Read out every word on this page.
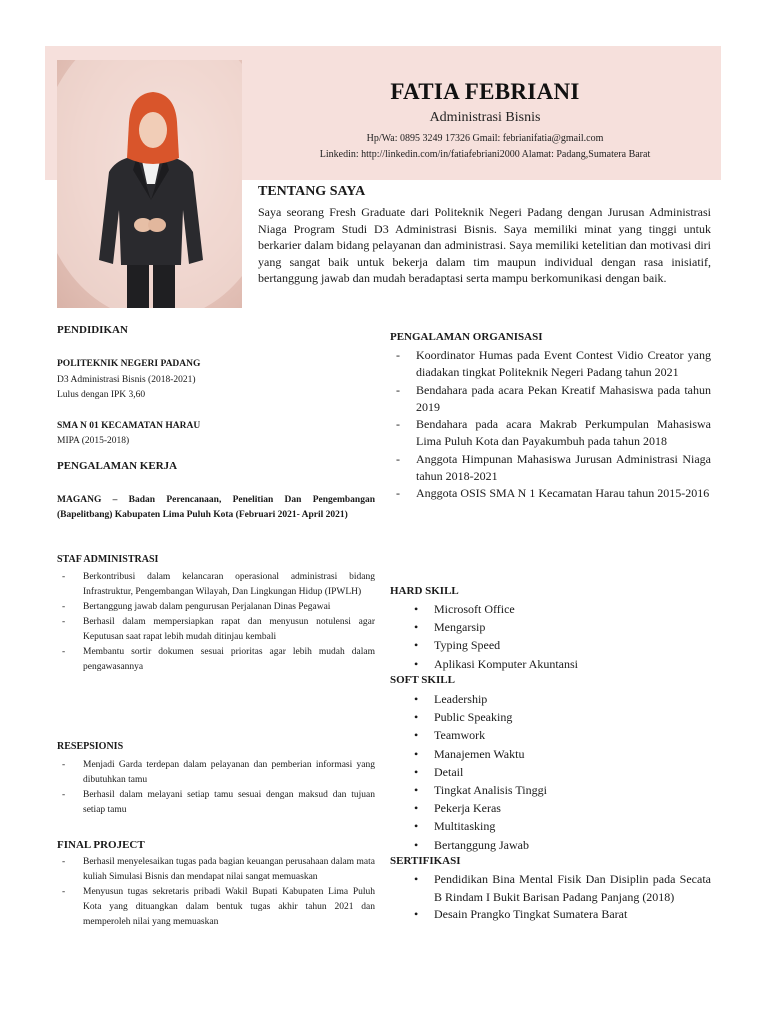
FATIA FEBRIANI
Administrasi Bisnis
Hp/Wa: 0895 3249 17326 Gmail: febrianifatia@gmail.com
Linkedin: http://linkedin.com/in/fatiafebriani2000 Alamat: Padang,Sumatera Barat
TENTANG SAYA
Saya seorang Fresh Graduate dari Politeknik Negeri Padang dengan Jurusan Administrasi Niaga Program Studi D3 Administrasi Bisnis. Saya memiliki minat yang tinggi untuk berkarier dalam bidang pelayanan dan administrasi. Saya memiliki ketelitian dan motivasi diri yang sangat baik untuk bekerja dalam tim maupun individual dengan rasa inisiatif, bertanggung jawab dan mudah beradaptasi serta mampu berkomunikasi dengan baik.
PENDIDIKAN
POLITEKNIK NEGERI PADANG
D3 Administrasi Bisnis (2018-2021)
Lulus dengan IPK 3,60
SMA N 01 KECAMATAN HARAU
MIPA (2015-2018)
PENGALAMAN KERJA
MAGANG – Badan Perencanaan, Penelitian Dan Pengembangan (Bapelitbang) Kabupaten Lima Puluh Kota (Februari 2021- April 2021)
STAF ADMINISTRASI
- Berkontribusi dalam kelancaran operasional administrasi bidang Infrastruktur, Pengembangan Wilayah, Dan Lingkungan Hidup (IPWLH)
- Bertanggung jawab dalam pengurusan Perjalanan Dinas Pegawai
- Berhasil dalam mempersiapkan rapat dan menyusun notulensi agar Keputusan saat rapat lebih mudah ditinjau kembali
- Membantu sortir dokumen sesuai prioritas agar lebih mudah dalam pengawasannya
RESEPSIONIS
- Menjadi Garda terdepan dalam pelayanan dan pemberian informasi yang dibutuhkan tamu
- Berhasil dalam melayani setiap tamu sesuai dengan maksud dan tujuan setiap tamu
FINAL PROJECT
- Berhasil menyelesaikan tugas pada bagian keuangan perusahaan dalam mata kuliah Simulasi Bisnis dan mendapat nilai sangat memuaskan
- Menyusun tugas sekretaris pribadi Wakil Bupati Kabupaten Lima Puluh Kota yang dituangkan dalam bentuk tugas akhir tahun 2021 dan memperoleh nilai yang memuaskan
PENGALAMAN ORGANISASI
- Koordinator Humas pada Event Contest Vidio Creator yang diadakan tingkat Politeknik Negeri Padang tahun 2021
- Bendahara pada acara Pekan Kreatif Mahasiswa pada tahun 2019
- Bendahara pada acara Makrab Perkumpulan Mahasiswa Lima Puluh Kota dan Payakumbuh pada tahun 2018
- Anggota Himpunan Mahasiswa Jurusan Administrasi Niaga tahun 2018-2021
- Anggota OSIS SMA N 1 Kecamatan Harau tahun 2015-2016
HARD SKILL
• Microsoft Office
• Mengarsip
• Typing Speed
• Aplikasi Komputer Akuntansi
SOFT SKILL
• Leadership
• Public Speaking
• Teamwork
• Manajemen Waktu
• Detail
• Tingkat Analisis Tinggi
• Pekerja Keras
• Multitasking
• Bertanggung Jawab
SERTIFIKASI
• Pendidikan Bina Mental Fisik Dan Disiplin pada Secata B Rindam I Bukit Barisan Padang Panjang (2018)
• Desain Prangko Tingkat Sumatera Barat
